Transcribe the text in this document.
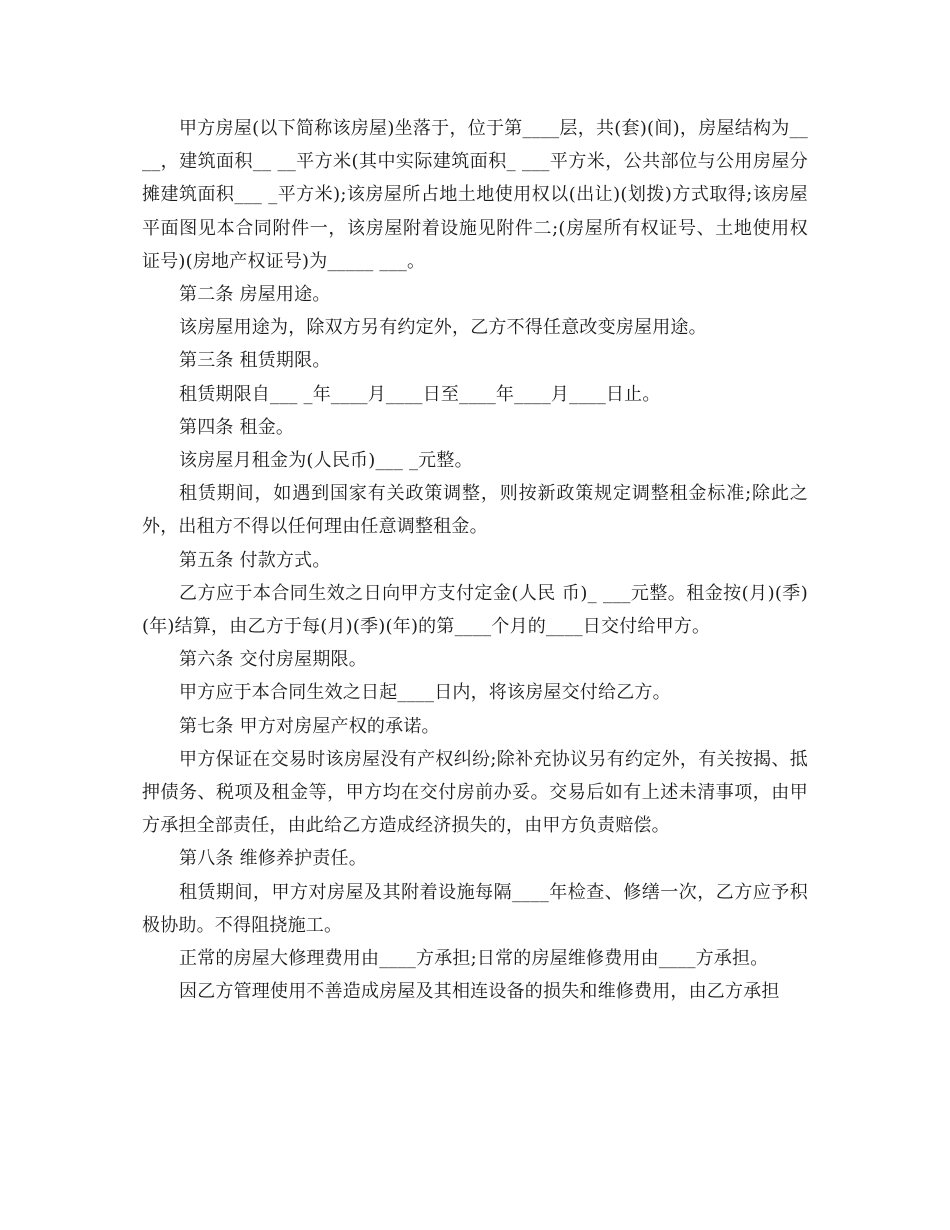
甲方房屋(以下简称该房屋)坐落于，位于第____层，共(套)(间)，房屋结构为__ __，建筑面积__ __平方米(其中实际建筑面积_ ___平方米，公共部位与公用房屋分摊建筑面积___ _平方米);该房屋所占地土地使用权以(出让)(划拨)方式取得;该房屋平面图见本合同附件一，该房屋附着设施见附件二;(房屋所有权证号、土地使用权证号)(房地产权证号)为_____ ___。

第二条 房屋用途。

该房屋用途为，除双方另有约定外，乙方不得任意改变房屋用途。

第三条 租赁期限。

租赁期限自___ _年____月____日至____年____月____日止。

第四条 租金。

该房屋月租金为(人民币)___ _元整。

租赁期间，如遇到国家有关政策调整，则按新政策规定调整租金标准;除此之外，出租方不得以任何理由任意调整租金。

第五条 付款方式。

乙方应于本合同生效之日向甲方支付定金(人民 币)_ ___元整。租金按(月)(季)(年)结算，由乙方于每(月)(季)(年)的第____个月的____日交付给甲方。

第六条 交付房屋期限。

甲方应于本合同生效之日起____日内，将该房屋交付给乙方。

第七条 甲方对房屋产权的承诺。

甲方保证在交易时该房屋没有产权纠纷;除补充协议另有约定外，有关按揭、抵押债务、税项及租金等，甲方均在交付房前办妥。交易后如有上述未清事项，由甲方承担全部责任，由此给乙方造成经济损失的，由甲方负责赔偿。

第八条 维修养护责任。

租赁期间，甲方对房屋及其附着设施每隔____年检查、修缮一次，乙方应予积极协助。不得阻挠施工。

正常的房屋大修理费用由____方承担;日常的房屋维修费用由____方承担。

因乙方管理使用不善造成房屋及其相连设备的损失和维修费用，由乙方承担
